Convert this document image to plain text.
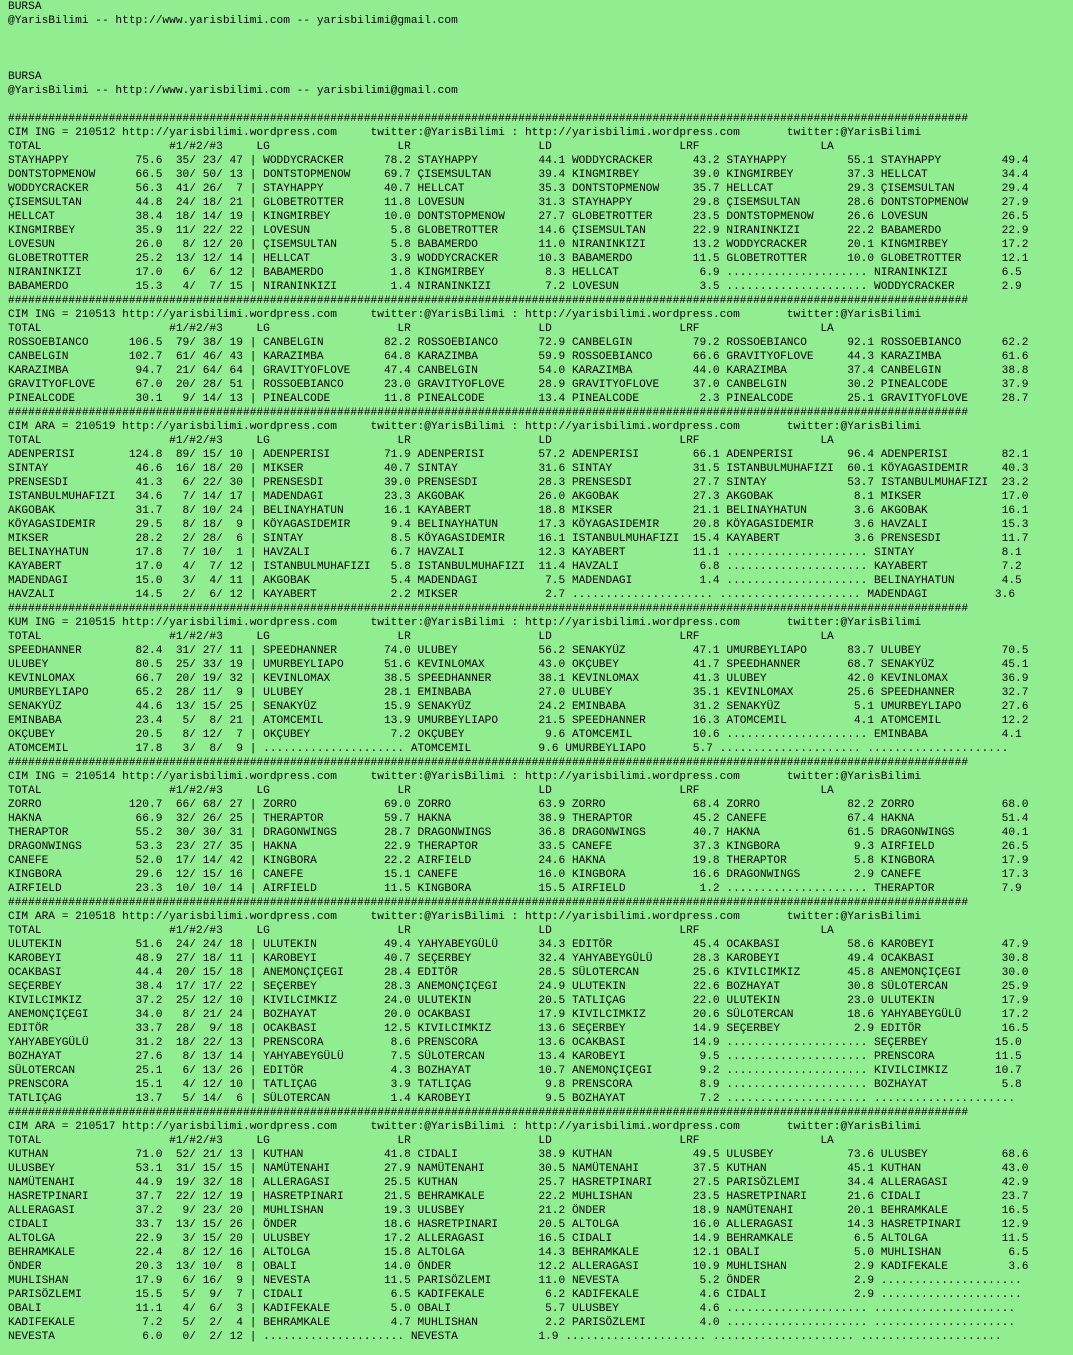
BURSA
@YarisBilimi -- http://www.yarisbilimi.com -- yarisbilimi@gmail.com
BURSA
@YarisBilimi -- http://www.yarisbilimi.com -- yarisbilimi@gmail.com
###############################################################################################################################################
CIM ING = 210512 http://yarisbilimi.wordpress.com     twitter:@YarisBilimi : http://yarisbilimi.wordpress.com       twitter:@YarisBilimi
TOTAL                   #1/#2/#3     LG                   LR                   LD                   LRF                  LA
STAYHAPPY          75.6  35/ 23/ 47 | WODDYCRACKER      78.2 STAYHAPPY         44.1 WODDYCRACKER      43.2 STAYHAPPY         55.1 STAYHAPPY         49.4
DONTSTOPMENOW      66.5  30/ 50/ 13 | DONTSTOPMENOW     69.7 ÇISEMSULTAN       39.4 KINGMIRBEY        39.0 KINGMIRBEY        37.3 HELLCAT           34.4
WODDYCRACKER       56.3  41/ 26/  7 | STAYHAPPY         40.7 HELLCAT           35.3 DONTSTOPMENOW     35.7 HELLCAT           29.3 ÇISEMSULTAN       29.4
ÇISEMSULTAN        44.8  24/ 18/ 21 | GLOBETROTTER      11.8 LOVESUN           31.3 STAYHAPPY         29.8 ÇISEMSULTAN       28.6 DONTSTOPMENOW     27.9
HELLCAT            38.4  18/ 14/ 19 | KINGMIRBEY        10.0 DONTSTOPMENOW     27.7 GLOBETROTTER      23.5 DONTSTOPMENOW     26.6 LOVESUN           26.5
KINGMIRBEY         35.9  11/ 22/ 22 | LOVESUN            5.8 GLOBETROTTER      14.6 ÇISEMSULTAN       22.9 NIRANINKIZI       22.2 BABAMERDO         22.9
LOVESUN            26.0   8/ 12/ 20 | ÇISEMSULTAN        5.8 BABAMERDO         11.0 NIRANINKIZI       13.2 WODDYCRACKER      20.1 KINGMIRBEY        17.2
GLOBETROTTER       25.2  13/ 12/ 14 | HELLCAT            3.9 WODDYCRACKER      10.3 BABAMERDO         11.5 GLOBETROTTER      10.0 GLOBETROTTER      12.1
NIRANINKIZI        17.0   6/  6/ 12 | BABAMERDO          1.8 KINGMIRBEY         8.3 HELLCAT            6.9 ..................... NIRANINKIZI        6.5
BABAMERDO          15.3   4/  7/ 15 | NIRANINKIZI        1.4 NIRANINKIZI        7.2 LOVESUN            3.5 ..................... WODDYCRACKER       2.9
###############################################################################################################################################
CIM ING = 210513 http://yarisbilimi.wordpress.com     twitter:@YarisBilimi : http://yarisbilimi.wordpress.com       twitter:@YarisBilimi
TOTAL                   #1/#2/#3     LG                   LR                   LD                   LRF                  LA
ROSSOEBIANCO      106.5  79/ 38/ 19 | CANBELGIN         82.2 ROSSOEBIANCO      72.9 CANBELGIN         79.2 ROSSOEBIANCO      92.1 ROSSOEBIANCO      62.2
CANBELGIN         102.7  61/ 46/ 43 | KARAZIMBA         64.8 KARAZIMBA         59.9 ROSSOEBIANCO      66.6 GRAVITYOFLOVE     44.3 KARAZIMBA         61.6
KARAZIMBA          94.7  21/ 64/ 64 | GRAVITYOFLOVE     47.4 CANBELGIN         54.0 KARAZIMBA         44.0 KARAZIMBA         37.4 CANBELGIN         38.8
GRAVITYOFLOVE      67.0  20/ 28/ 51 | ROSSOEBIANCO      23.0 GRAVITYOFLOVE     28.9 GRAVITYOFLOVE     37.0 CANBELGIN         30.2 PINEALCODE        37.9
PINEALCODE         30.1   9/ 14/ 13 | PINEALCODE        11.8 PINEALCODE        13.4 PINEALCODE         2.3 PINEALCODE        25.1 GRAVITYOFLOVE     28.7
###############################################################################################################################################
CIM ARA = 210519 http://yarisbilimi.wordpress.com     twitter:@YarisBilimi : http://yarisbilimi.wordpress.com       twitter:@YarisBilimi
TOTAL                   #1/#2/#3     LG                   LR                   LD                   LRF                  LA
ADENPERISI        124.8  89/ 15/ 10 | ADENPERISI        71.9 ADENPERISI        57.2 ADENPERISI        66.1 ADENPERISI        96.4 ADENPERISI        82.1
SINTAY             46.6  16/ 18/ 20 | MIKSER            40.7 SINTAY            31.6 SINTAY            31.5 ISTANBULMUHAFIZI  60.1 KÖYAGASIDEMIR     40.3
PRENSESDI          41.3   6/ 22/ 30 | PRENSESDI         39.0 PRENSESDI         28.3 PRENSESDI         27.7 SINTAY            53.7 ISTANBULMUHAFIZI  23.2
ISTANBULMUHAFIZI   34.6   7/ 14/ 17 | MADENDAGI         23.3 AKGOBAK           26.0 AKGOBAK           27.3 AKGOBAK            8.1 MIKSER            17.0
AKGOBAK            31.7   8/ 10/ 24 | BELINAYHATUN      16.1 KAYABERT          18.8 MIKSER            21.1 BELINAYHATUN       3.6 AKGOBAK           16.1
KÖYAGASIDEMIR      29.5   8/ 18/  9 | KÖYAGASIDEMIR      9.4 BELINAYHATUN      17.3 KÖYAGASIDEMIR     20.8 KÖYAGASIDEMIR      3.6 HAVZALI           15.3
MIKSER             28.2   2/ 28/  6 | SINTAY             8.5 KÖYAGASIDEMIR     16.1 ISTANBULMUHAFIZI  15.4 KAYABERT           3.6 PRENSESDI         11.7
BELINAYHATUN       17.8   7/ 10/  1 | HAVZALI            6.7 HAVZALI           12.3 KAYABERT          11.1 ..................... SINTAY             8.1
KAYABERT           17.0   4/  7/ 12 | ISTANBULMUHAFIZI   5.8 ISTANBULMUHAFIZI  11.4 HAVZALI            6.8 ..................... KAYABERT           7.2
MADENDAGI          15.0   3/  4/ 11 | AKGOBAK            5.4 MADENDAGI          7.5 MADENDAGI          1.4 ..................... BELINAYHATUN       4.5
HAVZALI            14.5   2/  6/ 12 | KAYABERT           2.2 MIKSER             2.7 ..................... ..................... MADENDAGI          3.6
###############################################################################################################################################
KUM ING = 210515 http://yarisbilimi.wordpress.com     twitter:@YarisBilimi : http://yarisbilimi.wordpress.com       twitter:@YarisBilimi
TOTAL                   #1/#2/#3     LG                   LR                   LD                   LRF                  LA
SPEEDHANNER        82.4  31/ 27/ 11 | SPEEDHANNER       74.0 ULUBEY            56.2 SENAKYÜZ          47.1 UMURBEYLIAPO      83.7 ULUBEY            70.5
ULUBEY             80.5  25/ 33/ 19 | UMURBEYLIAPO      51.6 KEVINLOMAX        43.0 OKÇUBEY           41.7 SPEEDHANNER       68.7 SENAKYÜZ          45.1
KEVINLOMAX         66.7  20/ 19/ 32 | KEVINLOMAX        38.5 SPEEDHANNER       38.1 KEVINLOMAX        41.3 ULUBEY            42.0 KEVINLOMAX        36.9
UMURBEYLIAPO       65.2  28/ 11/  9 | ULUBEY            28.1 EMINBABA          27.0 ULUBEY            35.1 KEVINLOMAX        25.6 SPEEDHANNER       32.7
SENAKYÜZ           44.6  13/ 15/ 25 | SENAKYÜZ          15.9 SENAKYÜZ          24.2 EMINBABA          31.2 SENAKYÜZ           5.1 UMURBEYLIAPO      27.6
EMINBABA           23.4   5/  8/ 21 | ATOMCEMIL         13.9 UMURBEYLIAPO      21.5 SPEEDHANNER       16.3 ATOMCEMIL          4.1 ATOMCEMIL         12.2
OKÇUBEY            20.5   8/ 12/  7 | OKÇUBEY            7.2 OKÇUBEY            9.6 ATOMCEMIL         10.6 ..................... EMINBABA           4.1
ATOMCEMIL          17.8   3/  8/  9 | ..................... ATOMCEMIL          9.6 UMURBEYLIAPO       5.7 ..................... .....................
###############################################################################################################################################
CIM ING = 210514 http://yarisbilimi.wordpress.com     twitter:@YarisBilimi : http://yarisbilimi.wordpress.com       twitter:@YarisBilimi
TOTAL                   #1/#2/#3     LG                   LR                   LD                   LRF                  LA
ZORRO             120.7  66/ 68/ 27 | ZORRO             69.0 ZORRO             63.9 ZORRO             68.4 ZORRO             82.2 ZORRO             68.0
HAKNA              66.9  32/ 26/ 25 | THERAPTOR         59.7 HAKNA             38.9 THERAPTOR         45.2 CANEFE            67.4 HAKNA             51.4
THERAPTOR          55.2  30/ 30/ 31 | DRAGONWINGS       28.7 DRAGONWINGS       36.8 DRAGONWINGS       40.7 HAKNA             61.5 DRAGONWINGS       40.1
DRAGONWINGS        53.3  23/ 27/ 35 | HAKNA             22.9 THERAPTOR         33.5 CANEFE            37.3 KINGBORA           9.3 AIRFIELD          26.5
CANEFE             52.0  17/ 14/ 42 | KINGBORA          22.2 AIRFIELD          24.6 HAKNA             19.8 THERAPTOR          5.8 KINGBORA          17.9
KINGBORA           29.6  12/ 15/ 16 | CANEFE            15.1 CANEFE            16.0 KINGBORA          16.6 DRAGONWINGS        2.9 CANEFE            17.3
AIRFIELD           23.3  10/ 10/ 14 | AIRFIELD          11.5 KINGBORA          15.5 AIRFIELD           1.2 ..................... THERAPTOR          7.9
###############################################################################################################################################
CIM ARA = 210518 http://yarisbilimi.wordpress.com     twitter:@YarisBilimi : http://yarisbilimi.wordpress.com       twitter:@YarisBilimi
TOTAL                   #1/#2/#3     LG                   LR                   LD                   LRF                  LA
ULUTEKIN           51.6  24/ 24/ 18 | ULUTEKIN          49.4 YAHYABEYGÜLÜ      34.3 EDITÖR            45.4 OCAKBASI          58.6 KAROBEYI          47.9
KAROBEYI           48.9  27/ 18/ 11 | KAROBEYI          40.7 SEÇERBEY          32.4 YAHYABEYGÜLÜ      28.3 KAROBEYI          49.4 OCAKBASI          30.8
OCAKBASI           44.4  20/ 15/ 18 | ANEMONÇIÇEGI      28.4 EDITÖR            28.5 SÜLOTERCAN        25.6 KIVILCIMKIZ       45.8 ANEMONÇIÇEGI      30.0
SEÇERBEY           38.4  17/ 17/ 22 | SEÇERBEY          28.3 ANEMONÇIÇEGI      24.9 ULUTEKIN          22.6 BOZHAYAT          30.8 SÜLOTERCAN        25.9
KIVILCIMKIZ        37.2  25/ 12/ 10 | KIVILCIMKIZ       24.0 ULUTEKIN          20.5 TATLIÇAG          22.0 ULUTEKIN          23.0 ULUTEKIN          17.9
ANEMONÇIÇEGI       34.0   8/ 21/ 24 | BOZHAYAT          20.0 OCAKBASI          17.9 KIVILCIMKIZ       20.6 SÜLOTERCAN        18.6 YAHYABEYGÜLÜ      17.2
EDITÖR             33.7  28/  9/ 18 | OCAKBASI          12.5 KIVILCIMKIZ       13.6 SEÇERBEY          14.9 SEÇERBEY           2.9 EDITÖR            16.5
YAHYABEYGÜLÜ       31.2  18/ 22/ 13 | PRENSCORA          8.6 PRENSCORA         13.6 OCAKBASI          14.9 ..................... SEÇERBEY          15.0
BOZHAYAT           27.6   8/ 13/ 14 | YAHYABEYGÜLÜ       7.5 SÜLOTERCAN        13.4 KAROBEYI           9.5 ..................... PRENSCORA         11.5
SÜLOTERCAN         25.1   6/ 13/ 26 | EDITÖR             4.3 BOZHAYAT          10.7 ANEMONÇIÇEGI       9.2 ..................... KIVILCIMKIZ       10.7
PRENSCORA          15.1   4/ 12/ 10 | TATLIÇAG           3.9 TATLIÇAG           9.8 PRENSCORA          8.9 ..................... BOZHAYAT           5.8
TATLIÇAG           13.7   5/ 14/  6 | SÜLOTERCAN         1.4 KAROBEYI           9.5 BOZHAYAT           7.2 ..................... .....................
###############################################################################################################################################
CIM ARA = 210517 http://yarisbilimi.wordpress.com     twitter:@YarisBilimi : http://yarisbilimi.wordpress.com       twitter:@YarisBilimi
TOTAL                   #1/#2/#3     LG                   LR                   LD                   LRF                  LA
KUTHAN             71.0  52/ 21/ 13 | KUTHAN            41.8 CIDALI            38.9 KUTHAN            49.5 ULUSBEY           73.6 ULUSBEY           68.6
ULUSBEY            53.1  31/ 15/ 15 | NAMÜTENAHI        27.9 NAMÜTENAHI        30.5 NAMÜTENAHI        37.5 KUTHAN            45.1 KUTHAN            43.0
NAMÜTENAHI         44.9  19/ 32/ 18 | ALLERAGASI        25.5 KUTHAN            25.7 HASRETPINARI      27.5 PARISÖZLEMI       34.4 ALLERAGASI        42.9
HASRETPINARI       37.7  22/ 12/ 19 | HASRETPINARI      21.5 BEHRAMKALE        22.2 MUHLISHAN         23.5 HASRETPINARI      21.6 CIDALI            23.7
ALLERAGASI         37.2   9/ 23/ 20 | MUHLISHAN         19.3 ULUSBEY           21.2 ÖNDER             18.9 NAMÜTENAHI        20.1 BEHRAMKALE        16.5
CIDALI             33.7  13/ 15/ 26 | ÖNDER             18.6 HASRETPINARI      20.5 ALTOLGA           16.0 ALLERAGASI        14.3 HASRETPINARI      12.9
ALTOLGA            22.9   3/ 15/ 20 | ULUSBEY           17.2 ALLERAGASI        16.5 CIDALI            14.9 BEHRAMKALE         6.5 ALTOLGA           11.5
BEHRAMKALE         22.4   8/ 12/ 16 | ALTOLGA           15.8 ALTOLGA           14.3 BEHRAMKALE        12.1 OBALI              5.0 MUHLISHAN          6.5
ÖNDER              20.3  13/ 10/  8 | OBALI             14.0 ÖNDER             12.2 ALLERAGASI        10.9 MUHLISHAN          2.9 KADIFEKALE         3.6
MUHLISHAN          17.9   6/ 16/  9 | NEVESTA           11.5 PARISÖZLEMI       11.0 NEVESTA            5.2 ÖNDER              2.9 .....................
PARISÖZLEMI        15.5   5/  9/  7 | CIDALI             6.5 KADIFEKALE         6.2 KADIFEKALE         4.6 CIDALI             2.9 .....................
OBALI              11.1   4/  6/  3 | KADIFEKALE         5.0 OBALI              5.7 ULUSBEY            4.6 ..................... .....................
KADIFEKALE          7.2   5/  2/  4 | BEHRAMKALE         4.7 MUHLISHAN          2.2 PARISÖZLEMI        4.0 ..................... .....................
NEVESTA             6.0   0/  2/ 12 | ..................... NEVESTA            1.9 ..................... ..................... .....................
